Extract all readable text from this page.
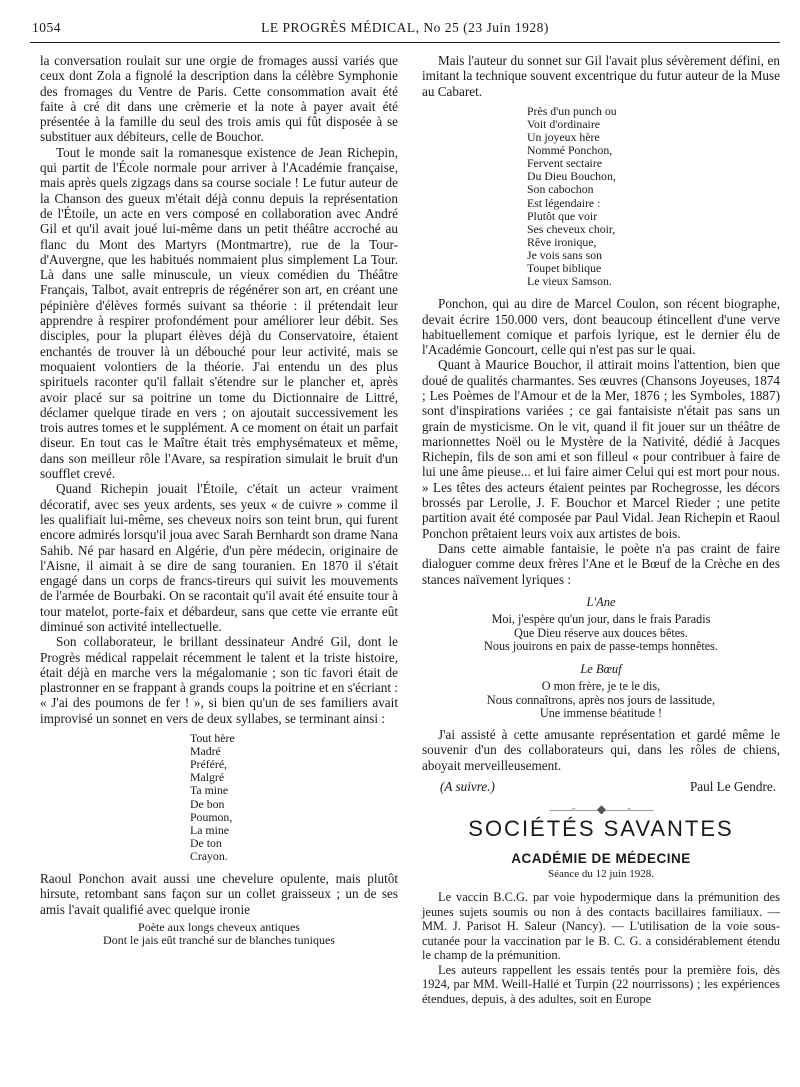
1054	LE PROGRÈS MÉDICAL, No 25 (23 Juin 1928)

la conversation roulait sur une orgie de fromages aussi variés que ceux dont Zola a fignolé la description dans la célèbre Symphonie des fromages du Ventre de Paris. Cette consommation avait été faite à cré dit dans une crèmerie et la note à payer avait été présentée à la famille du seul des trois amis qui fût disposée à se substituer aux débiteurs, celle de Bouchor.

Tout le monde sait la romanesque existence de Jean Richepin, qui partit de l'École normale pour arriver à l'Académie française, mais après quels zigzags dans sa course sociale ! Le futur auteur de la Chanson des gueux m'était déjà connu depuis la représentation de l'Étoile, un acte en vers composé en collaboration avec André Gil et qu'il avait joué lui-même dans un petit théâtre accroché au flanc du Mont des Martyrs (Montmartre), rue de la Tour-d'Auvergne, que les habitués nommaient plus simplement La Tour. Là dans une salle minuscule, un vieux comédien du Théâtre Français, Talbot, avait entrepris de régénérer son art, en créant une pépinière d'élèves formés suivant sa théorie : il prétendait leur apprendre à respirer profondément pour améliorer leur débit. Ses disciples, pour la plupart élèves déjà du Conservatoire, étaient enchantés de trouver là un débouché pour leur activité, mais se moquaient volontiers de la théorie. J'ai entendu un des plus spirituels raconter qu'il fallait s'étendre sur le plancher et, après avoir placé sur sa poitrine un tome du Dictionnaire de Littré, déclamer quelque tirade en vers ; on ajoutait successivement les trois autres tomes et le supplément. A ce moment on était un parfait diseur. En tout cas le Maître était très emphysémateux et même, dans son meilleur rôle l'Avare, sa respiration simulait le bruit d'un soufflet crevé.

Quand Richepin jouait l'Étoile, c'était un acteur vraiment décoratif, avec ses yeux ardents, ses yeux « de cuivre » comme il les qualifiait lui-même, ses cheveux noirs son teint brun, qui furent encore admirés lorsqu'il joua avec Sarah Bernhardt son drame Nana Sahib. Né par hasard en Algérie, d'un père médecin, originaire de l'Aisne, il aimait à se dire de sang touranien. En 1870 il s'était engagé dans un corps de francs-tireurs qui suivit les mouvements de l'armée de Bourbaki. On se racontait qu'il avait été ensuite tour à tour matelot, porte-faix et débardeur, sans que cette vie errante eût diminué son activité intellectuelle.

Son collaborateur, le brillant dessinateur André Gil, dont le Progrès médical rappelait récemment le talent et la triste histoire, était déjà en marche vers la mégalomanie ; son tic favori était de plastronner en se frappant à grands coups la poitrine et en s'écriant : « J'ai des poumons de fer ! », si bien qu'un de ses familiers avait improvisé un sonnet en vers de deux syllabes, se terminant ainsi :

Tout hère
Madré
Préféré,
Malgré
Ta mine
De bon
Poumon,
La mine
De ton
Crayon.

Raoul Ponchon avait aussi une chevelure opulente, mais plutôt hirsute, retombant sans façon sur un collet graisseux ; un de ses amis l'avait qualifié avec quelque ironie

Poète aux longs cheveux antiques
Dont le jais eût tranché sur de blanches tuniques

Mais l'auteur du sonnet sur Gil l'avait plus sévèrement défini, en imitant la technique souvent excentrique du futur auteur de la Muse au Cabaret.

Près d'un punch ou
Voit d'ordinaire
Un joyeux hère
Nommé Ponchon,
Fervent sectaire
Du Dieu Bouchon,
Son cabochon
Est légendaire :
Plutôt que voir
Ses cheveux choir,
Rêve ironique,
Je vois sans son
Toupet biblique
Le vieux Samson.

Ponchon, qui au dire de Marcel Coulon, son récent biographe, devait écrire 150.000 vers, dont beaucoup étincellent d'une verve habituellement comique et parfois lyrique, est le dernier élu de l'Académie Goncourt, celle qui n'est pas sur le quai.

Quant à Maurice Bouchor, il attirait moins l'attention, bien que doué de qualités charmantes. Ses œuvres (Chansons Joyeuses, 1874 ; Les Poèmes de l'Amour et de la Mer, 1876 ; les Symboles, 1887) sont d'inspirations variées ; ce gai fantaisiste n'était pas sans un grain de mysticisme. On le vit, quand il fit jouer sur un théâtre de marionnettes Noël ou le Mystère de la Nativité, dédié à Jacques Richepin, fils de son ami et son filleul « pour contribuer à faire de lui une âme pieuse... et lui faire aimer Celui qui est mort pour nous. » Les têtes des acteurs étaient peintes par Rochegrosse, les décors brossés par Lerolle, J. F. Bouchor et Marcel Rieder ; une petite partition avait été composée par Paul Vidal. Jean Richepin et Raoul Ponchon prêtaient leurs voix aux artistes de bois.

Dans cette aimable fantaisie, le poète n'a pas craint de faire dialoguer comme deux frères l'Ane et le Bœuf de la Crèche en des stances naïvement lyriques :

L'Ane
Moi, j'espère qu'un jour, dans le frais Paradis
Que Dieu réserve aux douces bêtes.
Nous jouirons en paix de passe-temps honnêtes.
Le Bœuf
O mon frère, je te le dis,
Nous connaîtrons, après nos jours de lassitude,
Une immense béatitude !

J'ai assisté à cette amusante représentation et gardé même le souvenir d'un des collaborateurs qui, dans les rôles de chiens, aboyait merveilleusement.

(A suivre.)	Paul Le Gendre.
——◦——◆——◦——
SOCIÉTÉS SAVANTES
ACADÉMIE DE MÉDECINE
Séance du 12 juin 1928.

Le vaccin B.C.G. par voie hypodermique dans la prémunition des jeunes sujets soumis ou non à des contacts bacillaires familiaux. — MM. J. Parisot H. Saleur (Nancy). — L'utilisation de la voie sous-cutanée pour la vaccination par le B. C. G. a considérablement étendu le champ de la prémunition.

Les auteurs rappellent les essais tentés pour la première fois, dès 1924, par MM. Weill-Hallé et Turpin (22 nourrissons) ; les expériences étendues, depuis, à des adultes, soit en Europe
